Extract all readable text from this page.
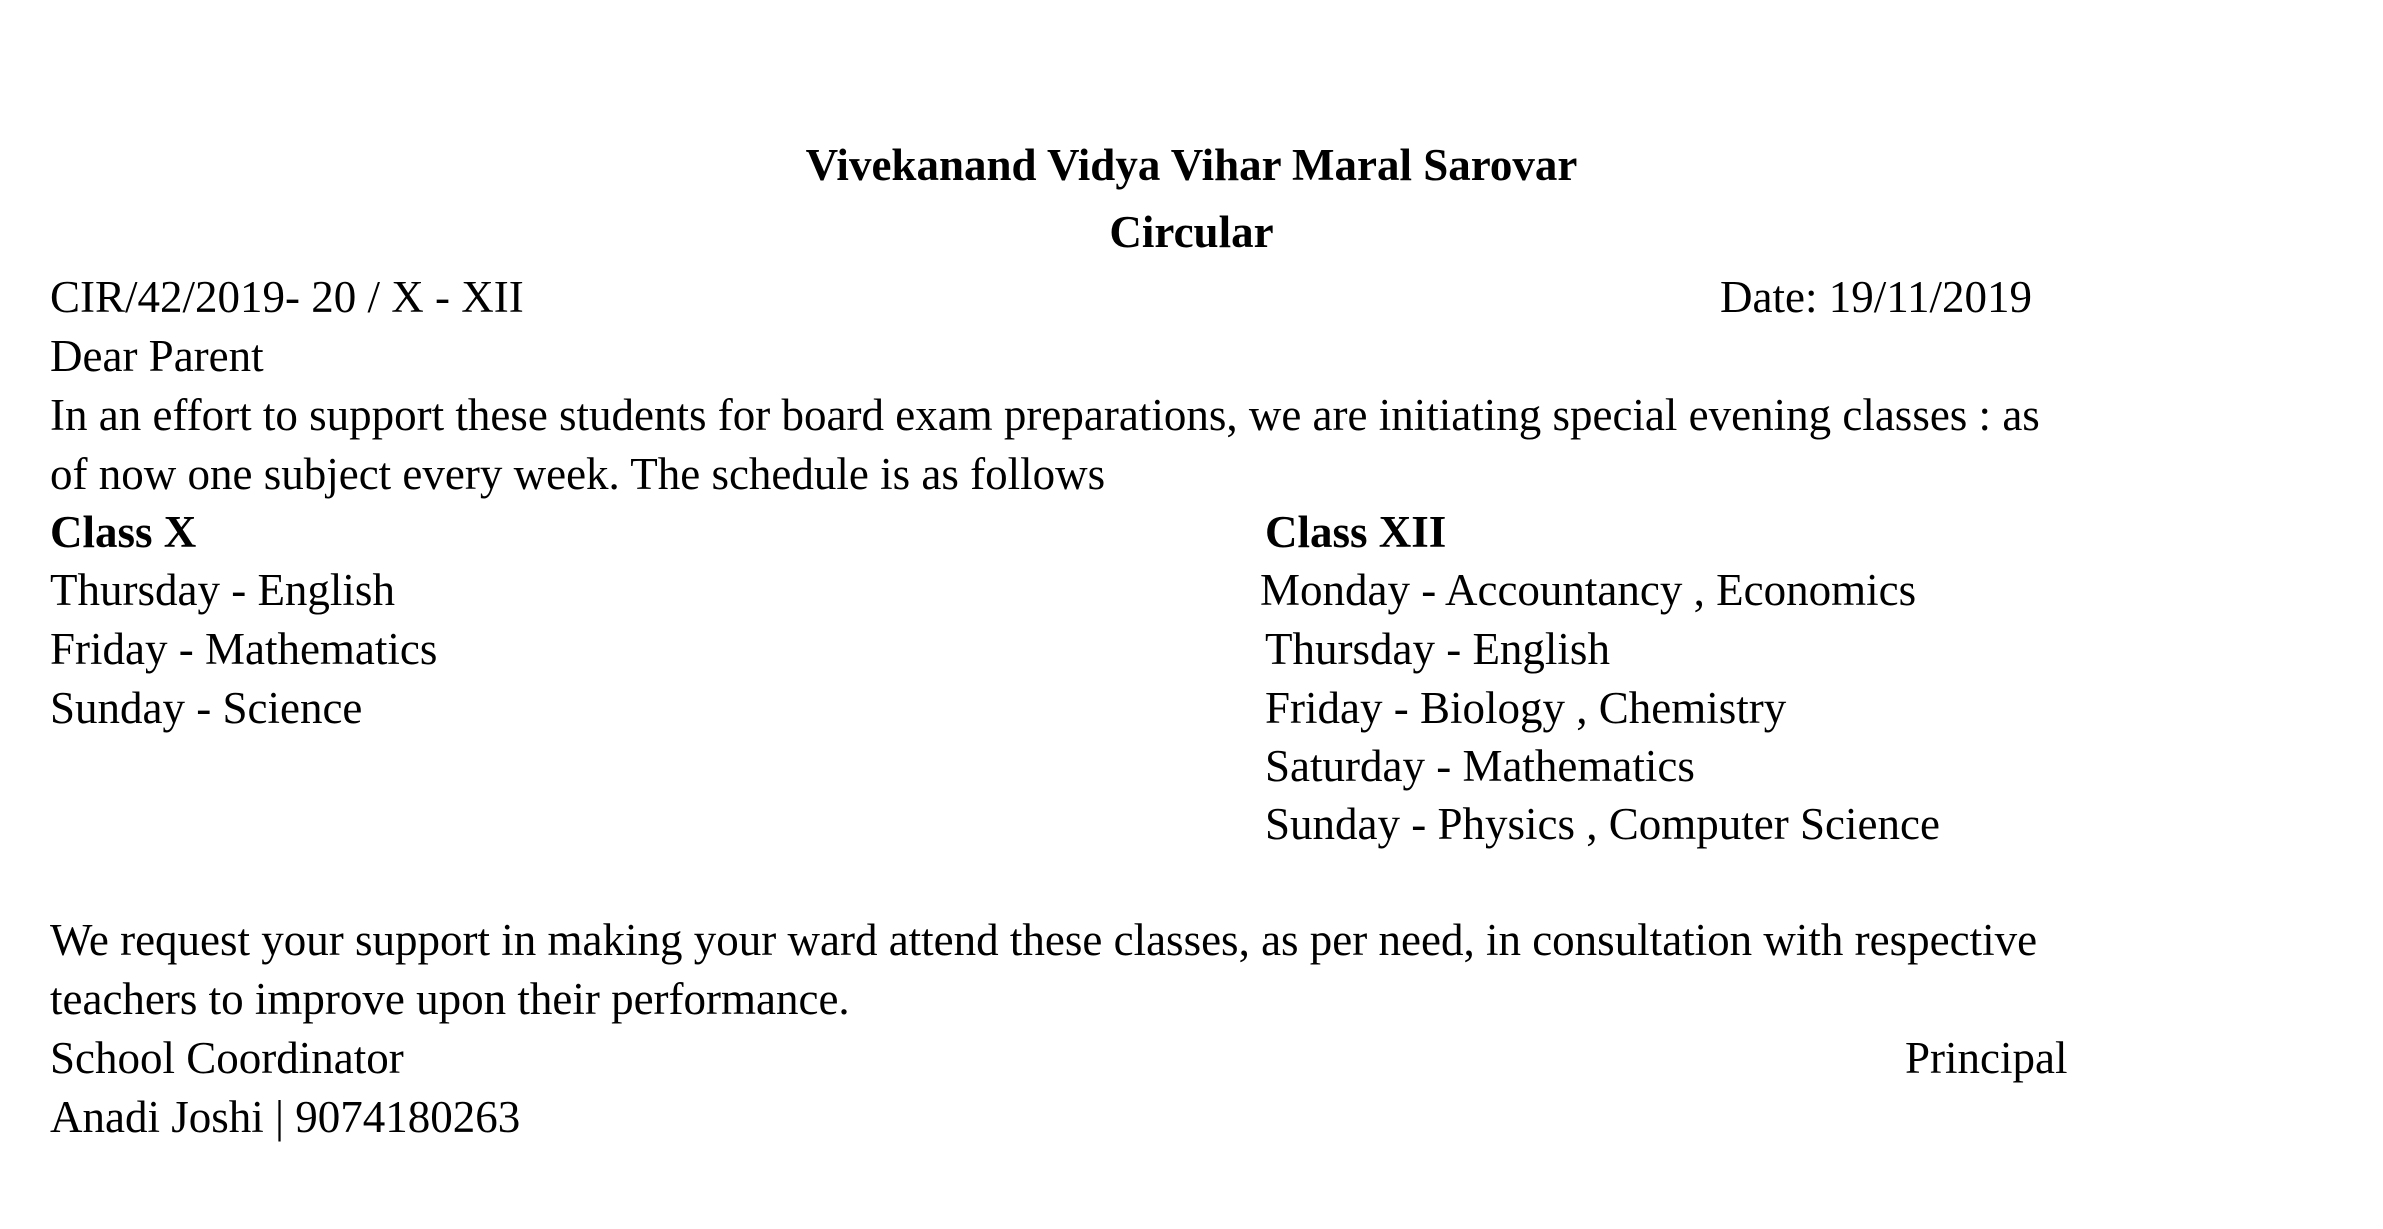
Vivekanand Vidya Vihar Maral Sarovar
Circular
CIR/42/2019- 20 / X - XII	Date: 19/11/2019
Dear Parent
In an effort to support these students for board exam preparations, we are initiating special evening classes : as
of now one subject every week. The schedule is as follows
Class X
Thursday - English
Friday - Mathematics
Sunday - Science
Class XII
Monday - Accountancy , Economics
Thursday - English
Friday - Biology , Chemistry
Saturday - Mathematics
Sunday - Physics , Computer Science
We request your support in making your ward attend these classes, as per need, in consultation with respective
teachers to improve upon their performance.
School Coordinator	Principal
Anadi Joshi | 9074180263
